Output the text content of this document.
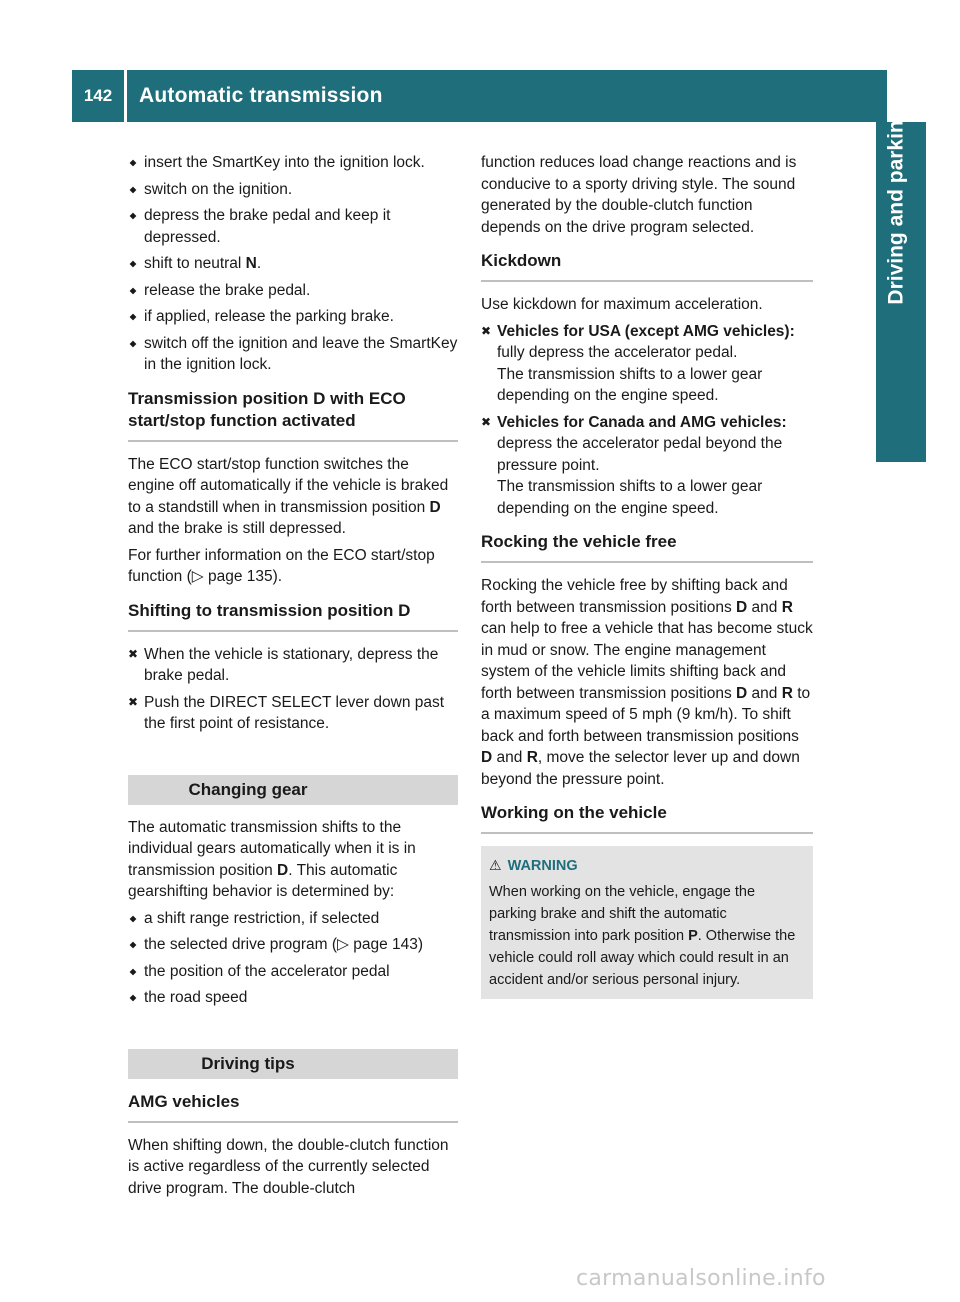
142	Automatic transmission
Driving and parking
insert the SmartKey into the ignition lock.
switch on the ignition.
depress the brake pedal and keep it depressed.
shift to neutral N.
release the brake pedal.
if applied, release the parking brake.
switch off the ignition and leave the SmartKey in the ignition lock.
Transmission position D with ECO start/stop function activated

The ECO start/stop function switches the engine off automatically if the vehicle is braked to a standstill when in transmission position D and the brake is still depressed.

For further information on the ECO start/stop function (▷ page 135).

Shifting to transmission position D
✖ When the vehicle is stationary, depress the brake pedal.
✖ Push the DIRECT SELECT lever down past the first point of resistance.
Changing gear

The automatic transmission shifts to the individual gears automatically when it is in transmission position D. This automatic gearshifting behavior is determined by:

a shift range restriction, if selected
the selected drive program (▷ page 143)
the position of the accelerator pedal
the road speed
Driving tips
AMG vehicles

When shifting down, the double-clutch function is active regardless of the currently selected drive program. The double-clutch

function reduces load change reactions and is conducive to a sporty driving style. The sound generated by the double-clutch function depends on the drive program selected.

Kickdown

Use kickdown for maximum acceleration.

✖ Vehicles for USA (except AMG vehicles): fully depress the accelerator pedal.
The transmission shifts to a lower gear depending on the engine speed.
✖ Vehicles for Canada and AMG vehicles: depress the accelerator pedal beyond the pressure point.
The transmission shifts to a lower gear depending on the engine speed.
Rocking the vehicle free

Rocking the vehicle free by shifting back and forth between transmission positions D and R can help to free a vehicle that has become stuck in mud or snow. The engine management system of the vehicle limits shifting back and forth between transmission positions D and R to a maximum speed of 5 mph (9 km/h). To shift back and forth between transmission positions D and R, move the selector lever up and down beyond the pressure point.

Working on the vehicle
⚠ WARNING
When working on the vehicle, engage the parking brake and shift the automatic transmission into park position P. Otherwise the vehicle could roll away which could result in an accident and/or serious personal injury.
carmanualsonline.info
